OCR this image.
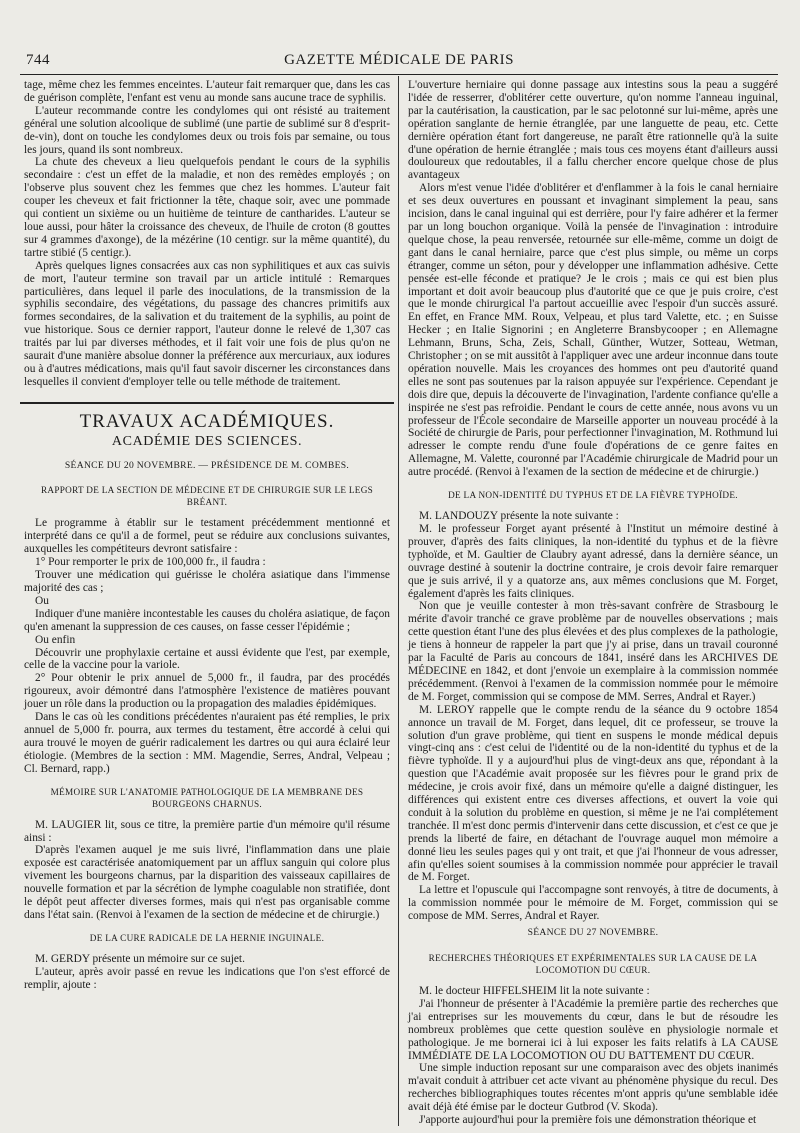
744	GAZETTE MÉDICALE DE PARIS

tage, même chez les femmes enceintes. L'auteur fait remarquer que, dans les cas de guérison complète, l'enfant est venu au monde sans aucune trace de syphilis.

L'auteur recommande contre les condylomes qui ont résisté au traitement général une solution alcoolique de sublimé (une partie de sublimé sur 8 d'esprit-de-vin), dont on touche les condylomes deux ou trois fois par semaine, ou tous les jours, quand ils sont nombreux.

La chute des cheveux a lieu quelquefois pendant le cours de la syphilis secondaire : c'est un effet de la maladie, et non des remèdes employés ; on l'observe plus souvent chez les femmes que chez les hommes. L'auteur fait couper les cheveux et fait frictionner la tête, chaque soir, avec une pommade qui contient un sixième ou un huitième de teinture de cantharides. L'auteur se loue aussi, pour hâter la croissance des cheveux, de l'huile de croton (8 gouttes sur 4 grammes d'axonge), de la mézérine (10 centigr. sur la même quantité), du tartre stibié (5 centigr.).

Après quelques lignes consacrées aux cas non syphilitiques et aux cas suivis de mort, l'auteur termine son travail par un article intitulé : Remarques particulières, dans lequel il parle des inoculations, de la transmission de la syphilis secondaire, des végétations, du passage des chancres primitifs aux formes secondaires, de la salivation et du traitement de la syphilis, au point de vue historique. Sous ce dernier rapport, l'auteur donne le relevé de 1,307 cas traités par lui par diverses méthodes, et il fait voir une fois de plus qu'on ne saurait d'une manière absolue donner la préférence aux mercuriaux, aux iodures ou à d'autres médications, mais qu'il faut savoir discerner les circonstances dans lesquelles il convient d'employer telle ou telle méthode de traitement.

TRAVAUX ACADÉMIQUES.
ACADÉMIE DES SCIENCES.
SÉANCE DU 20 NOVEMBRE. — PRÉSIDENCE DE M. COMBES.
RAPPORT DE LA SECTION DE MÉDECINE ET DE CHIRURGIE SUR LE LEGS BRÉANT.

Le programme à établir sur le testament précédemment mentionné et interprété dans ce qu'il a de formel, peut se réduire aux conclusions suivantes, auxquelles les compétiteurs devront satisfaire :

1° Pour remporter le prix de 100,000 fr., il faudra :

Trouver une médication qui guérisse le choléra asiatique dans l'immense majorité des cas ;

Ou

Indiquer d'une manière incontestable les causes du choléra asiatique, de façon qu'en amenant la suppression de ces causes, on fasse cesser l'épidémie ;

Ou enfin

Découvrir une prophylaxie certaine et aussi évidente que l'est, par exemple, celle de la vaccine pour la variole.

2° Pour obtenir le prix annuel de 5,000 fr., il faudra, par des procédés rigoureux, avoir démontré dans l'atmosphère l'existence de matières pouvant jouer un rôle dans la production ou la propagation des maladies épidémiques.

Dans le cas où les conditions précédentes n'auraient pas été remplies, le prix annuel de 5,000 fr. pourra, aux termes du testament, être accordé à celui qui aura trouvé le moyen de guérir radicalement les dartres ou qui aura éclairé leur étiologie. (Membres de la section : MM. Magendie, Serres, Andral, Velpeau ; Cl. Bernard, rapp.)

MÉMOIRE SUR L'ANATOMIE PATHOLOGIQUE DE LA MEMBRANE DES BOURGEONS CHARNUS.

M. LAUGIER lit, sous ce titre, la première partie d'un mémoire qu'il résume ainsi :

D'après l'examen auquel je me suis livré, l'inflammation dans une plaie exposée est caractérisée anatomiquement par un afflux sanguin qui colore plus vivement les bourgeons charnus, par la disparition des vaisseaux capillaires de nouvelle formation et par la sécrétion de lymphe coagulable non stratifiée, dont le dépôt peut affecter diverses formes, mais qui n'est pas organisable comme dans l'état sain. (Renvoi à l'examen de la section de médecine et de chirurgie.)

DE LA CURE RADICALE DE LA HERNIE INGUINALE.

M. GERDY présente un mémoire sur ce sujet.

L'auteur, après avoir passé en revue les indications que l'on s'est efforcé de remplir, ajoute :

L'ouverture herniaire qui donne passage aux intestins sous la peau a suggéré l'idée de resserrer, d'oblitérer cette ouverture, qu'on nomme l'anneau inguinal, par la cautérisation, la caustication, par le sac pelotonné sur lui-même, après une opération sanglante de hernie étranglée, par une languette de peau, etc. Cette dernière opération étant fort dangereuse, ne paraît être rationnelle qu'à la suite d'une opération de hernie étranglée ; mais tous ces moyens étant d'ailleurs aussi douloureux que redoutables, il a fallu chercher encore quelque chose de plus avantageux

Alors m'est venue l'idée d'oblitérer et d'enflammer à la fois le canal herniaire et ses deux ouvertures en poussant et invaginant simplement la peau, sans incision, dans le canal inguinal qui est derrière, pour l'y faire adhérer et la fermer par un long bouchon organique. Voilà la pensée de l'invagination : introduire quelque chose, la peau renversée, retournée sur elle-même, comme un doigt de gant dans le canal herniaire, parce que c'est plus simple, ou même un corps étranger, comme un séton, pour y développer une inflammation adhésive. Cette pensée est-elle féconde et pratique? Je le crois ; mais ce qui est bien plus important et doit avoir beaucoup plus d'autorité que ce que je puis croire, c'est que le monde chirurgical l'a partout accueillie avec l'espoir d'un succès assuré. En effet, en France MM. Roux, Velpeau, et plus tard Valette, etc. ; en Suisse Hecker ; en Italie Signorini ; en Angleterre Bransbycooper ; en Allemagne Lehmann, Bruns, Scha, Zeis, Schall, Günther, Wutzer, Sotteau, Wetman, Christopher ; on se mit aussitôt à l'appliquer avec une ardeur inconnue dans toute opération nouvelle. Mais les croyances des hommes ont peu d'autorité quand elles ne sont pas soutenues par la raison appuyée sur l'expérience. Cependant je dois dire que, depuis la découverte de l'invagination, l'ardente confiance qu'elle a inspirée ne s'est pas refroidie. Pendant le cours de cette année, nous avons vu un professeur de l'École secondaire de Marseille apporter un nouveau procédé à la Société de chirurgie de Paris, pour perfectionner l'invagination, M. Rothmund lui adresser le compte rendu d'une foule d'opérations de ce genre faites en Allemagne, M. Valette, couronné par l'Académie chirurgicale de Madrid pour un autre procédé. (Renvoi à l'examen de la section de médecine et de chirurgie.)

DE LA NON-IDENTITÉ DU TYPHUS ET DE LA FIÈVRE TYPHOÏDE.

M. LANDOUZY présente la note suivante :

M. le professeur Forget ayant présenté à l'Institut un mémoire destiné à prouver, d'après des faits cliniques, la non-identité du typhus et de la fièvre typhoïde, et M. Gaultier de Claubry ayant adressé, dans la dernière séance, un ouvrage destiné à soutenir la doctrine contraire, je crois devoir faire remarquer que je suis arrivé, il y a quatorze ans, aux mêmes conclusions que M. Forget, également d'après les faits cliniques.

Non que je veuille contester à mon très-savant confrère de Strasbourg le mérite d'avoir tranché ce grave problème par de nouvelles observations ; mais cette question étant l'une des plus élevées et des plus complexes de la pathologie, je tiens à honneur de rappeler la part que j'y ai prise, dans un travail couronné par la Faculté de Paris au concours de 1841, inséré dans les ARCHIVES DE MÉDECINE en 1842, et dont j'envoie un exemplaire à la commission nommée précédemment. (Renvoi à l'examen de la commission nommée pour le mémoire de M. Forget, commission qui se compose de MM. Serres, Andral et Rayer.)

M. LEROY rappelle que le compte rendu de la séance du 9 octobre 1854 annonce un travail de M. Forget, dans lequel, dit ce professeur, se trouve la solution d'un grave problème, qui tient en suspens le monde médical depuis vingt-cinq ans : c'est celui de l'identité ou de la non-identité du typhus et de la fièvre typhoïde. Il y a aujourd'hui plus de vingt-deux ans que, répondant à la question que l'Académie avait proposée sur les fièvres pour le grand prix de médecine, je crois avoir fixé, dans un mémoire qu'elle a daigné distinguer, les différences qui existent entre ces diverses affections, et ouvert la voie qui conduit à la solution du problème en question, si même je ne l'ai complétement tranchée. Il m'est donc permis d'intervenir dans cette discussion, et c'est ce que je prends la liberté de faire, en détachant de l'ouvrage auquel mon mémoire a donné lieu les seules pages qui y ont trait, et que j'ai l'honneur de vous adresser, afin qu'elles soient soumises à la commission nommée pour apprécier le travail de M. Forget.

La lettre et l'opuscule qui l'accompagne sont renvoyés, à titre de documents, à la commission nommée pour le mémoire de M. Forget, commission qui se compose de MM. Serres, Andral et Rayer.

SÉANCE DU 27 NOVEMBRE.
RECHERCHES THÉORIQUES ET EXPÉRIMENTALES SUR LA CAUSE DE LA LOCOMOTION DU CŒUR.

M. le docteur HIFFELSHEIM lit la note suivante :

J'ai l'honneur de présenter à l'Académie la première partie des recherches que j'ai entreprises sur les mouvements du cœur, dans le but de résoudre les nombreux problèmes que cette question soulève en physiologie normale et pathologique. Je me bornerai ici à lui exposer les faits relatifs à LA CAUSE IMMÉDIATE DE LA LOCOMOTION OU DU BATTEMENT DU CŒUR.

Une simple induction reposant sur une comparaison avec des objets inanimés m'avait conduit à attribuer cet acte vivant au phénomène physique du recul. Des recherches bibliographiques toutes récentes m'ont appris qu'une semblable idée avait déjà été émise par le docteur Gutbrod (V. Skoda).

J'apporte aujourd'hui pour la première fois une démonstration théorique et
